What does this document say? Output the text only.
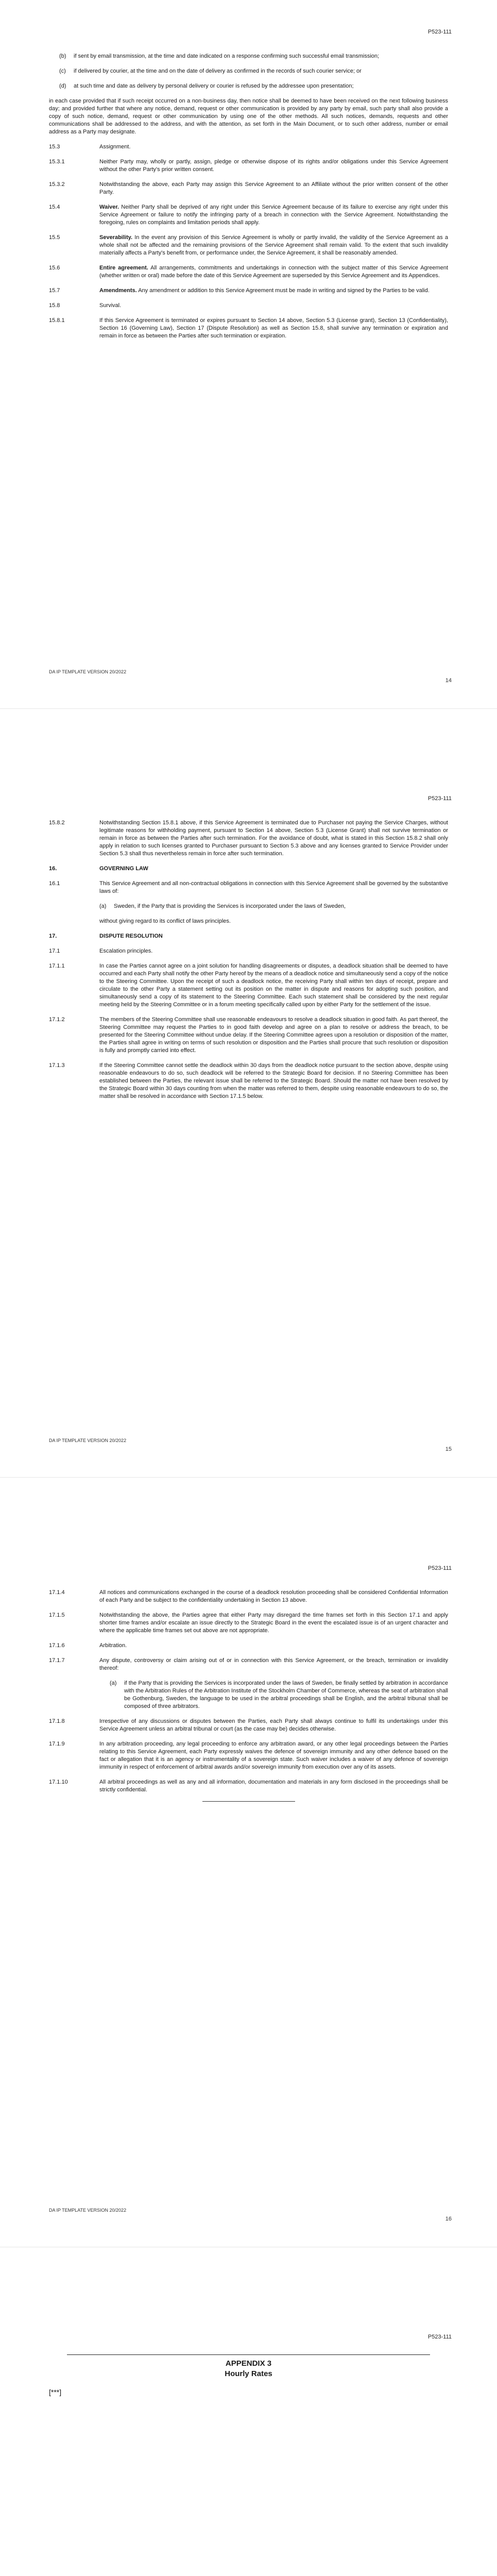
P523-111
(b)	if sent by email transmission, at the time and date indicated on a response confirming such successful email transmission;
(c)	if delivered by courier, at the time and on the date of delivery as confirmed in the records of such courier service; or
(d)	at such time and date as delivery by personal delivery or courier is refused by the addressee upon presentation;
in each case provided that if such receipt occurred on a non-business day, then notice shall be deemed to have been received on the next following business day; and provided further that where any notice, demand, request or other communication is provided by any party by email, such party shall also provide a copy of such notice, demand, request or other communication by using one of the other methods. All such notices, demands, requests and other communications shall be addressed to the address, and with the attention, as set forth in the Main Document, or to such other address, number or email address as a Party may designate.
15.3	Assignment.
15.3.1	Neither Party may, wholly or partly, assign, pledge or otherwise dispose of its rights and/or obligations under this Service Agreement without the other Party's prior written consent.
15.3.2	Notwithstanding the above, each Party may assign this Service Agreement to an Affiliate without the prior written consent of the other Party.
15.4	Waiver. Neither Party shall be deprived of any right under this Service Agreement because of its failure to exercise any right under this Service Agreement or failure to notify the infringing party of a breach in connection with the Service Agreement. Notwithstanding the foregoing, rules on complaints and limitation periods shall apply.
15.5	Severability. In the event any provision of this Service Agreement is wholly or partly invalid, the validity of the Service Agreement as a whole shall not be affected and the remaining provisions of the Service Agreement shall remain valid. To the extent that such invalidity materially affects a Party's benefit from, or performance under, the Service Agreement, it shall be reasonably amended.
15.6	Entire agreement. All arrangements, commitments and undertakings in connection with the subject matter of this Service Agreement (whether written or oral) made before the date of this Service Agreement are superseded by this Service Agreement and its Appendices.
15.7	Amendments. Any amendment or addition to this Service Agreement must be made in writing and signed by the Parties to be valid.
15.8	Survival.
15.8.1	If this Service Agreement is terminated or expires pursuant to Section 14 above, Section 5.3 (License grant), Section 13 (Confidentiality), Section 16 (Governing Law), Section 17 (Dispute Resolution) as well as Section 15.8, shall survive any termination or expiration and remain in force as between the Parties after such termination or expiration.
DA IP TEMPLATE VERSION 20/2022
14
P523-111
15.8.2	Notwithstanding Section 15.8.1 above, if this Service Agreement is terminated due to Purchaser not paying the Service Charges, without legitimate reasons for withholding payment, pursuant to Section 14 above, Section 5.3 (License Grant) shall not survive termination or remain in force as between the Parties after such termination. For the avoidance of doubt, what is stated in this Section 15.8.2 shall only apply in relation to such licenses granted to Purchaser pursuant to Section 5.3 above and any licenses granted to Service Provider under Section 5.3 shall thus nevertheless remain in force after such termination.
16.	GOVERNING LAW
16.1	This Service Agreement and all non-contractual obligations in connection with this Service Agreement shall be governed by the substantive laws of:
(a)	Sweden, if the Party that is providing the Services is incorporated under the laws of Sweden,
without giving regard to its conflict of laws principles.
17.	DISPUTE RESOLUTION
17.1	Escalation principles.
17.1.1	In case the Parties cannot agree on a joint solution for handling disagreements or disputes, a deadlock situation shall be deemed to have occurred and each Party shall notify the other Party hereof by the means of a deadlock notice and simultaneously send a copy of the notice to the Steering Committee. Upon the receipt of such a deadlock notice, the receiving Party shall within ten days of receipt, prepare and circulate to the other Party a statement setting out its position on the matter in dispute and reasons for adopting such position, and simultaneously send a copy of its statement to the Steering Committee. Each such statement shall be considered by the next regular meeting held by the Steering Committee or in a forum meeting specifically called upon by either Party for the settlement of the issue.
17.1.2	The members of the Steering Committee shall use reasonable endeavours to resolve a deadlock situation in good faith. As part thereof, the Steering Committee may request the Parties to in good faith develop and agree on a plan to resolve or address the breach, to be presented for the Steering Committee without undue delay. If the Steering Committee agrees upon a resolution or disposition of the matter, the Parties shall agree in writing on terms of such resolution or disposition and the Parties shall procure that such resolution or disposition is fully and promptly carried into effect.
17.1.3	If the Steering Committee cannot settle the deadlock within 30 days from the deadlock notice pursuant to the section above, despite using reasonable endeavours to do so, such deadlock will be referred to the Strategic Board for decision. If no Steering Committee has been established between the Parties, the relevant issue shall be referred to the Strategic Board. Should the matter not have been resolved by the Strategic Board within 30 days counting from when the matter was referred to them, despite using reasonable endeavours to do so, the matter shall be resolved in accordance with Section 17.1.5 below.
DA IP TEMPLATE VERSION 20/2022
15
P523-111
17.1.4	All notices and communications exchanged in the course of a deadlock resolution proceeding shall be considered Confidential Information of each Party and be subject to the confidentiality undertaking in Section 13 above.
17.1.5	Notwithstanding the above, the Parties agree that either Party may disregard the time frames set forth in this Section 17.1 and apply shorter time frames and/or escalate an issue directly to the Strategic Board in the event the escalated issue is of an urgent character and where the applicable time frames set out above are not appropriate.
17.1.6	Arbitration.
17.1.7	Any dispute, controversy or claim arising out of or in connection with this Service Agreement, or the breach, termination or invalidity thereof:
(a)	if the Party that is providing the Services is incorporated under the laws of Sweden, be finally settled by arbitration in accordance with the Arbitration Rules of the Arbitration Institute of the Stockholm Chamber of Commerce, whereas the seat of arbitration shall be Gothenburg, Sweden, the language to be used in the arbitral proceedings shall be English, and the arbitral tribunal shall be composed of three arbitrators.
17.1.8	Irrespective of any discussions or disputes between the Parties, each Party shall always continue to fulfil its undertakings under this Service Agreement unless an arbitral tribunal or court (as the case may be) decides otherwise.
17.1.9	In any arbitration proceeding, any legal proceeding to enforce any arbitration award, or any other legal proceedings between the Parties relating to this Service Agreement, each Party expressly waives the defence of sovereign immunity and any other defence based on the fact or allegation that it is an agency or instrumentality of a sovereign state. Such waiver includes a waiver of any defence of sovereign immunity in respect of enforcement of arbitral awards and/or sovereign immunity from execution over any of its assets.
17.1.10	All arbitral proceedings as well as any and all information, documentation and materials in any form disclosed in the proceedings shall be strictly confidential.
DA IP TEMPLATE VERSION 20/2022
16
P523-111
APPENDIX 3
Hourly Rates
[***]
